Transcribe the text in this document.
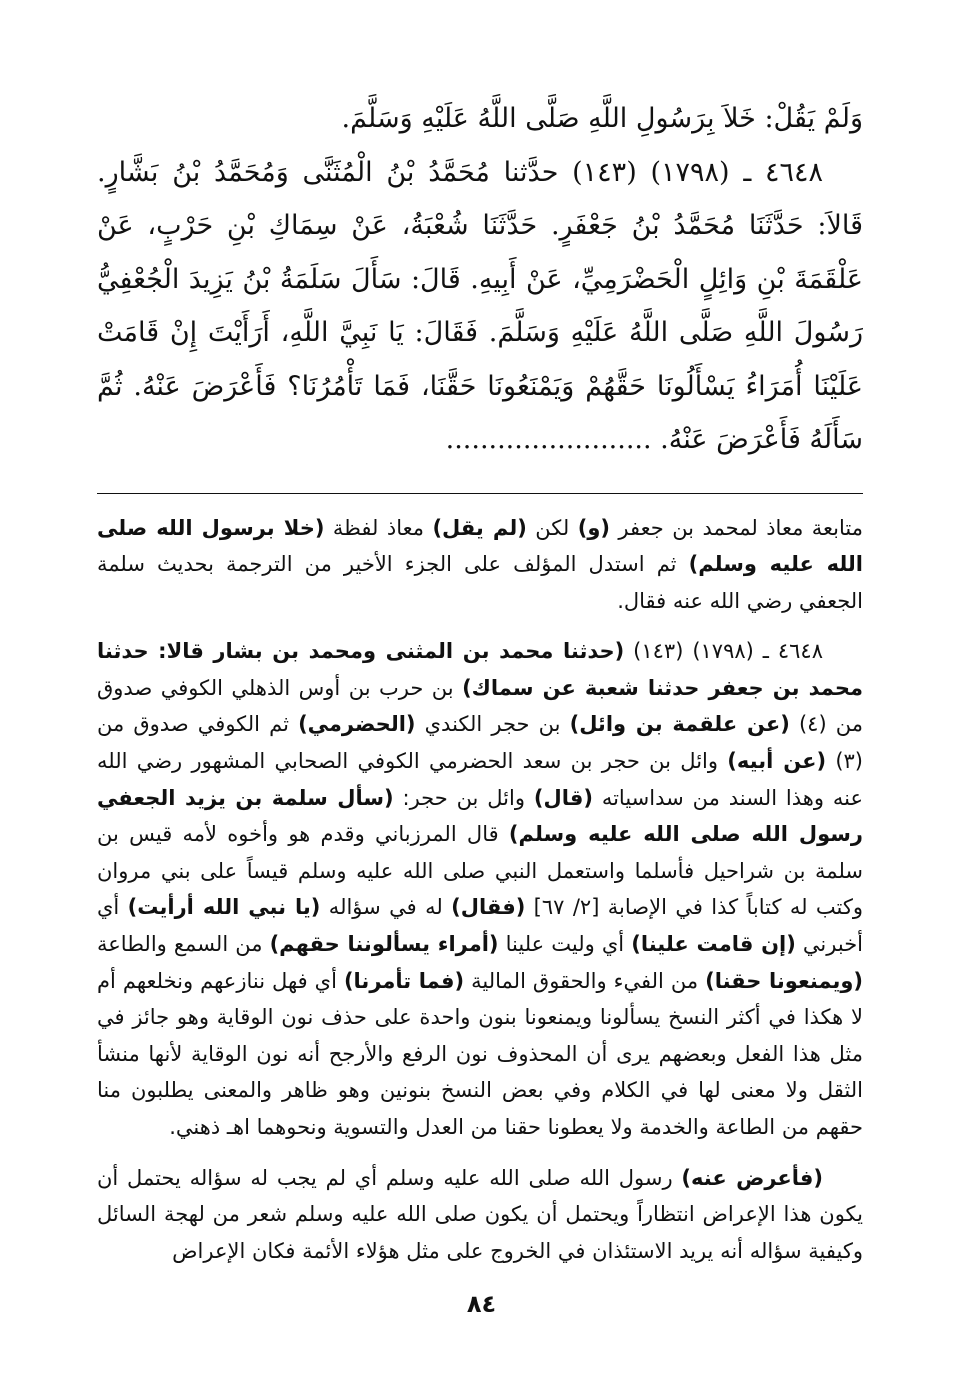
وَلَمْ يَقُلْ: خَلاَ بِرَسُولِ اللَّهِ صَلَّى اللَّهُ عَلَيْهِ وَسَلَّمَ.

٤٦٤٨ ـ (١٧٩٨) (١٤٣) حدَّثنا مُحَمَّدُ بْنُ الْمُثَنَّى وَمُحَمَّدُ بْنُ بَشَّارٍ. قَالاَ: حَدَّثَنَا مُحَمَّدُ بْنُ جَعْفَرٍ. حَدَّثَنَا شُعْبَةُ، عَنْ سِمَاكِ بْنِ حَرْبٍ، عَنْ عَلْقَمَةَ بْنِ وَائِلٍ الْحَضْرَمِيِّ، عَنْ أَبِيهِ. قَالَ: سَأَلَ سَلَمَةُ بْنُ يَزِيدَ الْجُعْفِيُّ رَسُولَ اللَّهِ صَلَّى اللَّهُ عَلَيْهِ وَسَلَّمَ. فَقَالَ: يَا نَبِيَّ اللَّهِ، أَرَأَيْتَ إِنْ قَامَتْ عَلَيْنَا أُمَرَاءُ يَسْأَلُونَا حَقَّهُمْ وَيَمْنَعُونَا حَقَّنَا، فَمَا تَأْمُرُنَا؟ فَأَعْرَضَ عَنْهُ. ثُمَّ سَأَلَهُ فَأَعْرَضَ عَنْهُ. ........................

متابعة معاذ لمحمد بن جعفر (و) لكن (لم يقل) معاذ لفظة (خلا برسول الله صلى الله عليه وسلم) ثم استدل المؤلف على الجزء الأخير من الترجمة بحديث سلمة الجعفي رضي الله عنه فقال.

٤٦٤٨ ـ (١٧٩٨) (١٤٣) (حدثنا محمد بن المثنى ومحمد بن بشار قالا: حدثنا محمد بن جعفر حدثنا شعبة عن سماك) بن حرب بن أوس الذهلي الكوفي صدوق من (٤) (عن علقمة بن وائل) بن حجر الكندي (الحضرمي) ثم الكوفي صدوق من (٣) (عن أبيه) وائل بن حجر بن سعد الحضرمي الكوفي الصحابي المشهور رضي الله عنه وهذا السند من سداسياته (قال) وائل بن حجر: (سأل سلمة بن يزيد الجعفي رسول الله صلى الله عليه وسلم) قال المرزباني وقدم هو وأخوه لأمه قيس بن سلمة بن شراحيل فأسلما واستعمل النبي صلى الله عليه وسلم قيساً على بني مروان وكتب له كتاباً كذا في الإصابة [٢/ ٦٧] (فقال) له في سؤاله (يا نبي الله أرأيت) أي أخبرني (إن قامت علينا) أي وليت علينا (أمراء يسألوننا حقهم) من السمع والطاعة (ويمنعونا حقنا) من الفيء والحقوق المالية (فما تأمرنا) أي فهل ننازعهم ونخلعهم أم لا هكذا في أكثر النسخ يسألونا ويمنعونا بنون واحدة على حذف نون الوقاية وهو جائز في مثل هذا الفعل وبعضهم يرى أن المحذوف نون الرفع والأرجح أنه نون الوقاية لأنها منشأ الثقل ولا معنى لها في الكلام وفي بعض النسخ بنونين وهو ظاهر والمعنى يطلبون منا حقهم من الطاعة والخدمة ولا يعطونا حقنا من العدل والتسوية ونحوهما اهـ ذهني.

(فأعرض عنه) رسول الله صلى الله عليه وسلم أي لم يجب له سؤاله يحتمل أن يكون هذا الإعراض انتظاراً ويحتمل أن يكون صلى الله عليه وسلم شعر من لهجة السائل وكيفية سؤاله أنه يريد الاستئذان في الخروج على مثل هؤلاء الأئمة فكان الإعراض

٨٤
